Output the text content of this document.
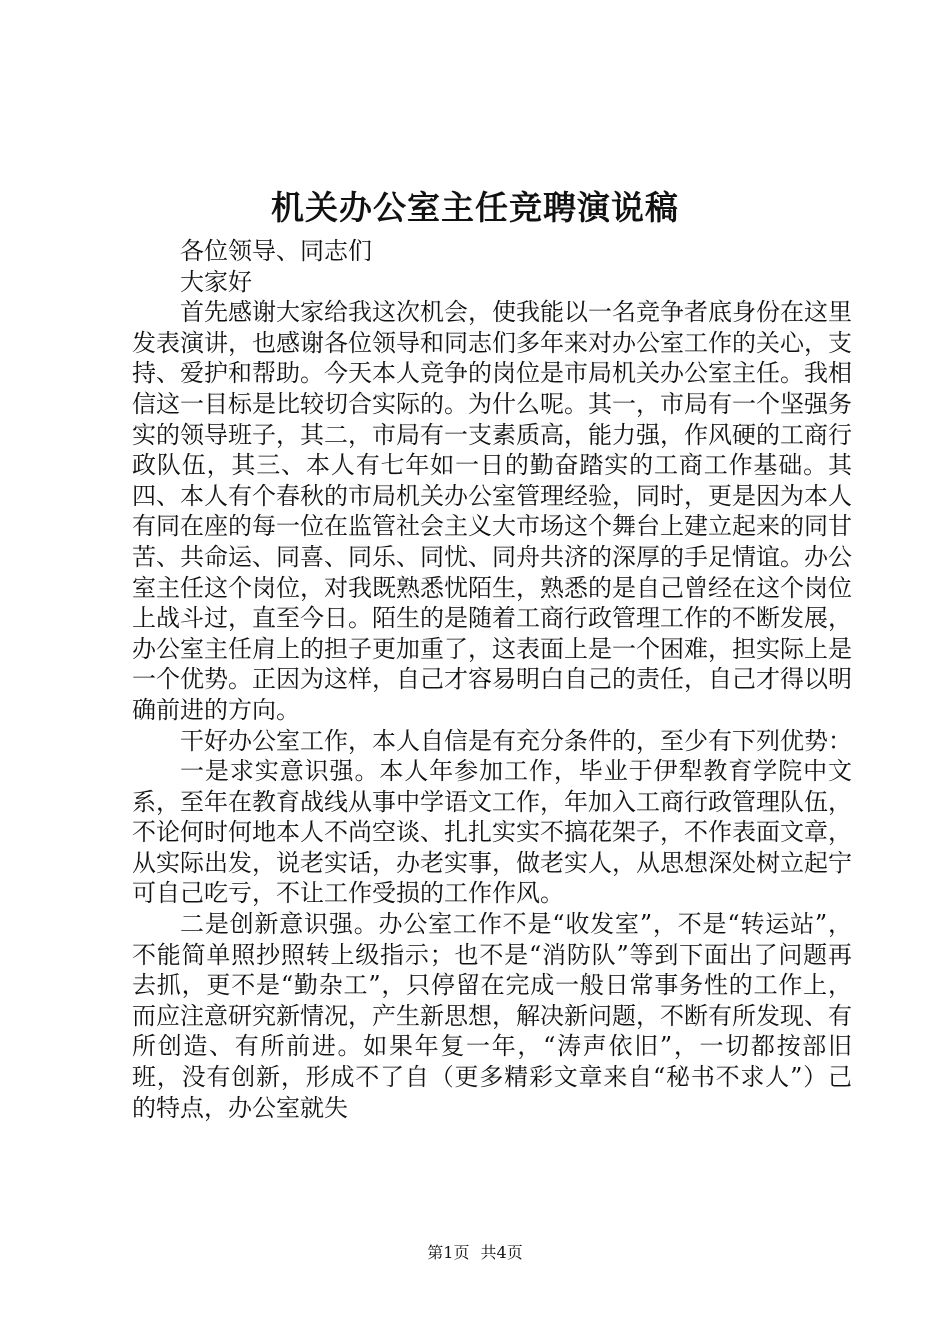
机关办公室主任竞聘演说稿

各位领导、同志们

大家好

首先感谢大家给我这次机会，使我能以一名竞争者底身份在这里发表演讲，也感谢各位领导和同志们多年来对办公室工作的关心，支持、爱护和帮助。今天本人竞争的岗位是市局机关办公室主任。我相信这一目标是比较切合实际的。为什么呢。其一，市局有一个坚强务实的领导班子，其二，市局有一支素质高，能力强，作风硬的工商行政队伍，其三、本人有七年如一日的勤奋踏实的工商工作基础。其四、本人有个春秋的市局机关办公室管理经验，同时，更是因为本人有同在座的每一位在监管社会主义大市场这个舞台上建立起来的同甘苦、共命运、同喜、同乐、同忧、同舟共济的深厚的手足情谊。办公室主任这个岗位，对我既熟悉忧陌生，熟悉的是自己曾经在这个岗位上战斗过，直至今日。陌生的是随着工商行政管理工作的不断发展，办公室主任肩上的担子更加重了，这表面上是一个困难，担实际上是一个优势。正因为这样，自己才容易明白自己的责任，自己才得以明确前进的方向。

干好办公室工作，本人自信是有充分条件的，至少有下列优势：

一是求实意识强。本人年参加工作，毕业于伊犁教育学院中文系，至年在教育战线从事中学语文工作，年加入工商行政管理队伍，不论何时何地本人不尚空谈、扎扎实实不搞花架子，不作表面文章，从实际出发，说老实话，办老实事，做老实人，从思想深处树立起宁可自己吃亏，不让工作受损的工作作风。

二是创新意识强。办公室工作不是“收发室”，不是“转运站”，不能简单照抄照转上级指示；也不是“消防队”等到下面出了问题再去抓，更不是“勤杂工”，只停留在完成一般日常事务性的工作上，而应注意研究新情况，产生新思想，解决新问题，不断有所发现、有所创造、有所前进。如果年复一年，“涛声依旧”，一切都按部旧班，没有创新，形成不了自（更多精彩文章来自“秘书不求人”）己的特点，办公室就失

第1页 共4页
